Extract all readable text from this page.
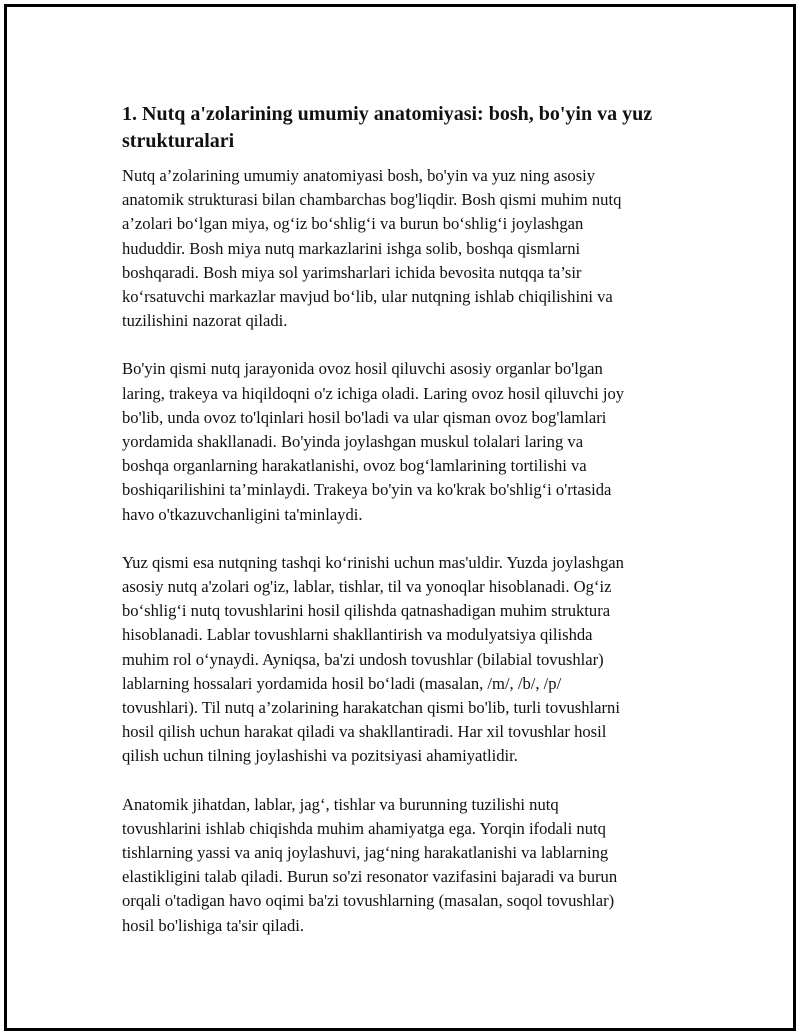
1. Nutq a'zolarining umumiy anatomiyasi: bosh, bo'yin va yuz
strukturalari

Nutq a’zolarining umumiy anatomiyasi bosh, bo'yin va yuz ning asosiy
anatomik strukturasi bilan chambarchas bog'liqdir. Bosh qismi muhim nutq
a’zolari bo‘lgan miya, og‘iz bo‘shlig‘i va burun bo‘shlig‘i joylashgan
hududdir. Bosh miya nutq markazlarini ishga solib, boshqa qismlarni
boshqaradi. Bosh miya sol yarimsharlari ichida bevosita nutqqa ta’sir
ko‘rsatuvchi markazlar mavjud bo‘lib, ular nutqning ishlab chiqilishini va
tuzilishini nazorat qiladi.

Bo'yin qismi nutq jarayonida ovoz hosil qiluvchi asosiy organlar bo'lgan
laring, trakeya va hiqildoqni o'z ichiga oladi. Laring ovoz hosil qiluvchi joy
bo'lib, unda ovoz to'lqinlari hosil bo'ladi va ular qisman ovoz bog'lamlari
yordamida shakllanadi. Bo'yinda joylashgan muskul tolalari laring va
boshqa organlarning harakatlanishi, ovoz bog‘lamlarining tortilishi va
boshiqarilishini ta’minlaydi. Trakeya bo'yin va ko'krak bo'shlig‘i o'rtasida
havo o'tkazuvchanligini ta'minlaydi.

Yuz qismi esa nutqning tashqi ko‘rinishi uchun mas'uldir. Yuzda joylashgan
asosiy nutq a'zolari og'iz, lablar, tishlar, til va yonoqlar hisoblanadi. Og‘iz
bo‘shlig‘i nutq tovushlarini hosil qilishda qatnashadigan muhim struktura
hisoblanadi. Lablar tovushlarni shakllantirish va modulyatsiya qilishda
muhim rol o‘ynaydi. Ayniqsa, ba'zi undosh tovushlar (bilabial tovushlar)
lablarning hossalari yordamida hosil bo‘ladi (masalan, /m/, /b/, /p/
tovushlari). Til nutq a’zolarining harakatchan qismi bo'lib, turli tovushlarni
hosil qilish uchun harakat qiladi va shakllantiradi. Har xil tovushlar hosil
qilish uchun tilning joylashishi va pozitsiyasi ahamiyatlidir.

Anatomik jihatdan, lablar, jag‘, tishlar va burunning tuzilishi nutq
tovushlarini ishlab chiqishda muhim ahamiyatga ega. Yorqin ifodali nutq
tishlarning yassi va aniq joylashuvi, jag‘ning harakatlanishi va lablarning
elastikligini talab qiladi. Burun so'zi resonator vazifasini bajaradi va burun
orqali o'tadigan havo oqimi ba'zi tovushlarning (masalan, soqol tovushlar)
hosil bo'lishiga ta'sir qiladi.
